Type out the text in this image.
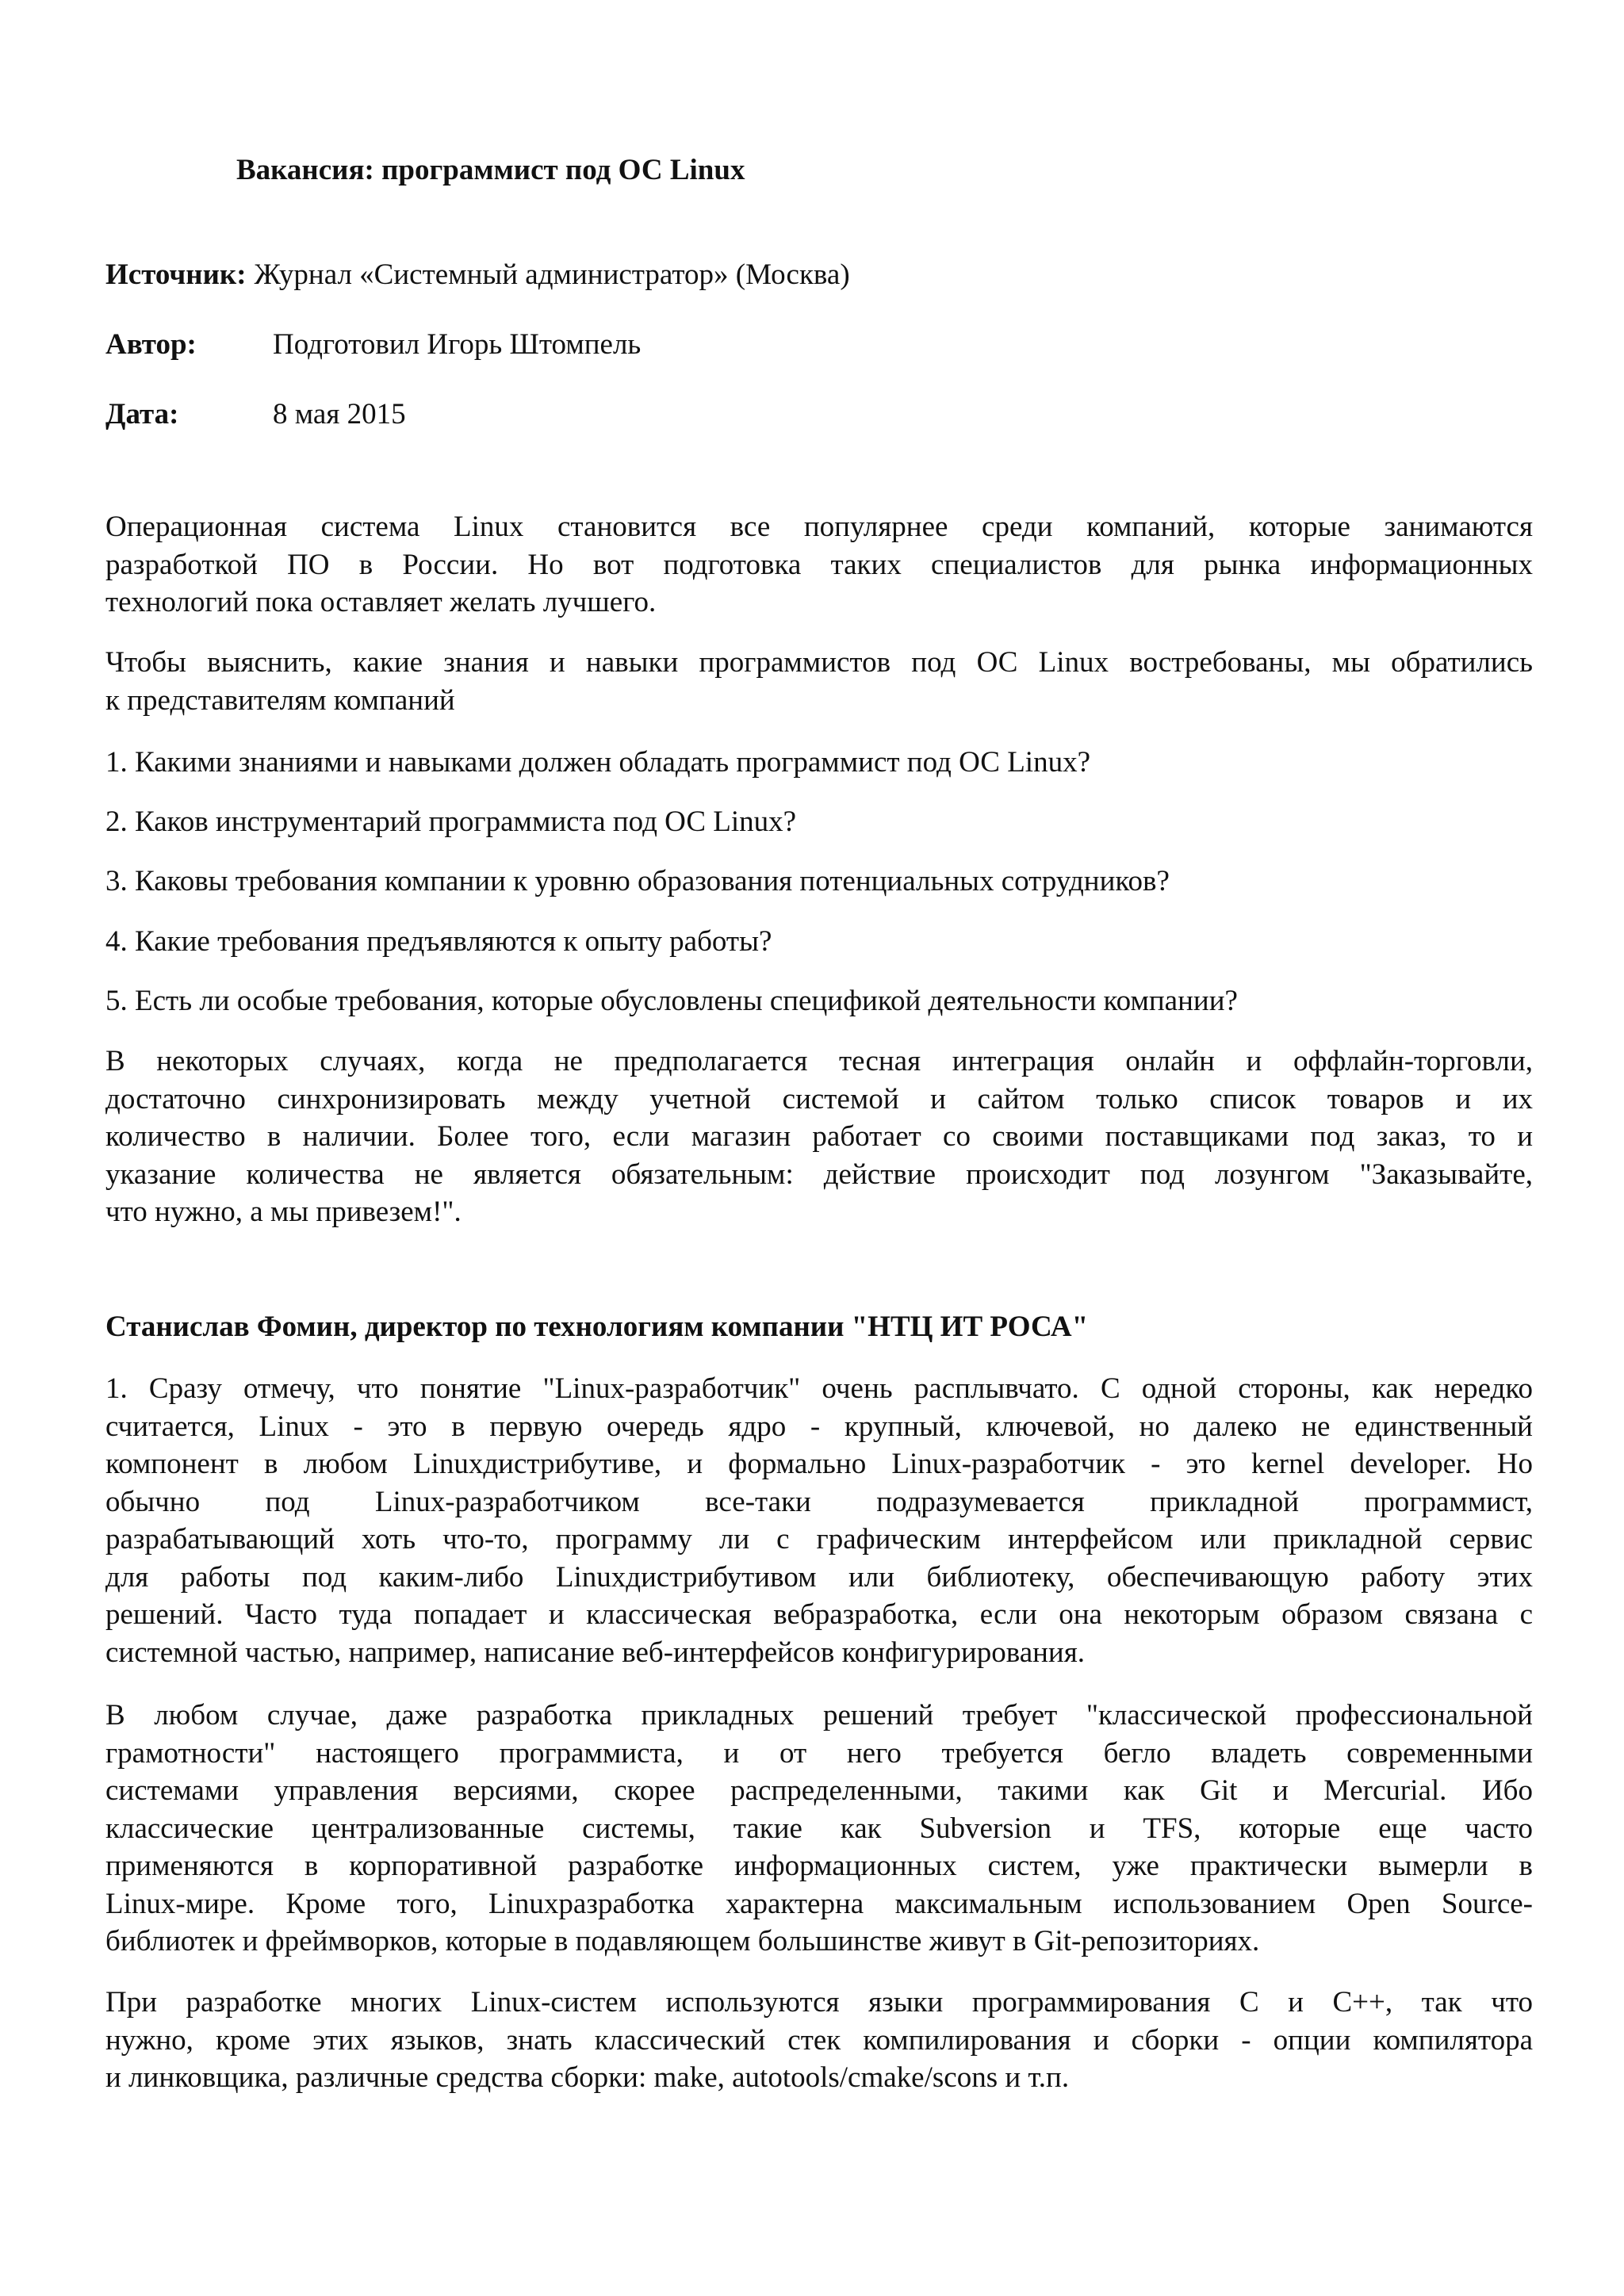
Вакансия: программист под ОС Linux
Источник: Журнал «Системный администратор» (Москва)
Автор:	Подготовил Игорь Штомпель
Дата:	8 мая 2015

Операционная система Linux становится все популярнее среди компаний, которые занимаются
разработкой ПО в России. Но вот подготовка таких специалистов для рынка информационных
технологий пока оставляет желать лучшего.

Чтобы выяснить, какие знания и навыки программистов под ОС Linux востребованы, мы обратились
к представителям компаний

1. Какими знаниями и навыками должен обладать программист под ОС Linux?

2. Каков инструментарий программиста под ОС Linux?

3. Каковы требования компании к уровню образования потенциальных сотрудников?

4. Какие требования предъявляются к опыту работы?

5. Есть ли особые требования, которые обусловлены спецификой деятельности компании?

В некоторых случаях, когда не предполагается тесная интеграция онлайн и оффлайн-торговли,
достаточно синхронизировать между учетной системой и сайтом только список товаров и их
количество в наличии. Более того, если магазин работает со своими поставщиками под заказ, то и
указание количества не является обязательным: действие происходит под лозунгом "Заказывайте,
что нужно, а мы привезем!".

Станислав Фомин, директор по технологиям компании "НТЦ ИТ РОСА"

1. Сразу отмечу, что понятие "Linux-разработчик" очень расплывчато. С одной стороны, как нередко
считается, Linux - это в первую очередь ядро - крупный, ключевой, но далеко не единственный
компонент в любом Linuxдистрибутиве, и формально Linux-разработчик - это kernel developer. Но
обычно под Linux-разработчиком все-таки подразумевается прикладной программист,
разрабатывающий хоть что-то, программу ли с графическим интерфейсом или прикладной сервис
для работы под каким-либо Linuxдистрибутивом или библиотеку, обеспечивающую работу этих
решений. Часто туда попадает и классическая вебразработка, если она некоторым образом связана с
системной частью, например, написание веб-интерфейсов конфигурирования.

В любом случае, даже разработка прикладных решений требует "классической профессиональной
грамотности" настоящего программиста, и от него требуется бегло владеть современными
системами управления версиями, скорее распределенными, такими как Git и Mercurial. Ибо
классические централизованные системы, такие как Subversion и TFS, которые еще часто
применяются в корпоративной разработке информационных систем, уже практически вымерли в
Linux-мире. Кроме того, Linuxразработка характерна максимальным использованием Open Source-
библиотек и фреймворков, которые в подавляющем большинстве живут в Git-репозиториях.

При разработке многих Linux-систем используются языки программирования C и C++, так что
нужно, кроме этих языков, знать классический стек компилирования и сборки - опции компилятора
и линковщика, различные средства сборки: make, autotools/cmake/scons и т.п.
